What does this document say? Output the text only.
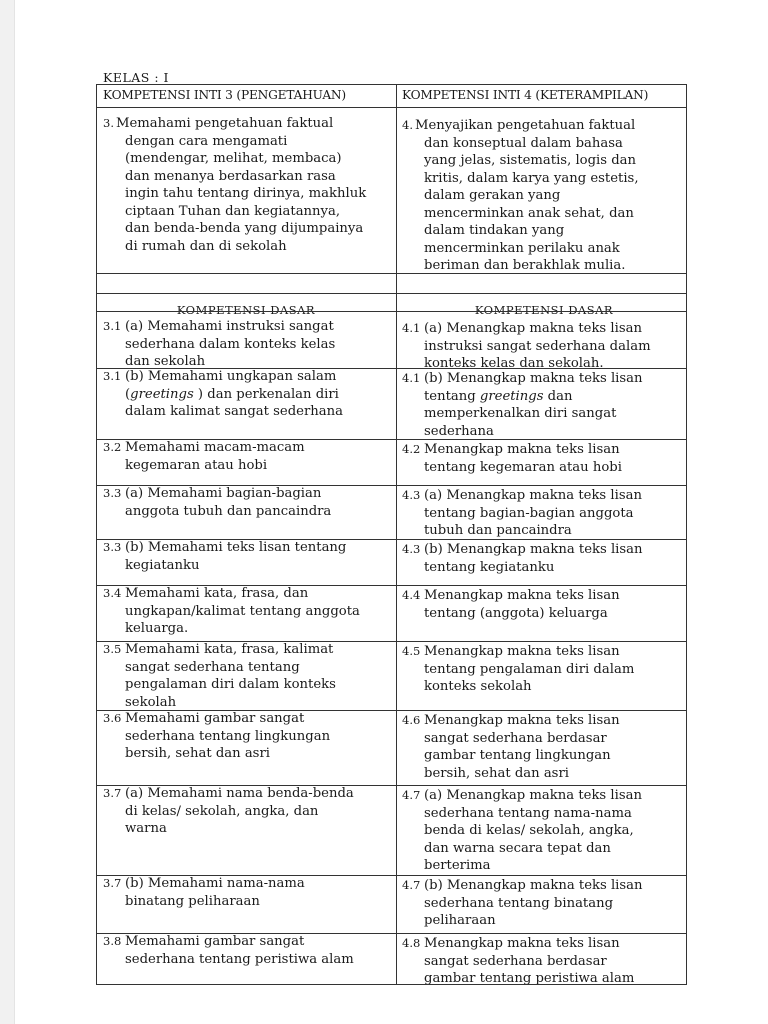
KELAS : I
KOMPETENSI INTI 3 (PENGETAHUAN)	KOMPETENSI INTI 4 (KETERAMPILAN)
KOMPETENSI DASAR	KOMPETENSI DASAR
3. Memahami pengetahuan faktual
dengan cara mengamati
(mendengar, melihat, membaca)
dan menanya berdasarkan rasa
ingin tahu tentang dirinya, makhluk
ciptaan Tuhan dan kegiatannya,
dan benda-benda yang dijumpainya
di rumah dan di sekolah
4. Menyajikan pengetahuan faktual
dan konseptual dalam bahasa
yang jelas, sistematis, logis dan
kritis, dalam karya yang estetis,
dalam gerakan yang
mencerminkan anak sehat, dan
dalam tindakan yang
mencerminkan perilaku anak
beriman dan berakhlak mulia.
3.1 (a) Memahami instruksi sangat
sederhana dalam konteks kelas
dan sekolah
4.1 (a) Menangkap makna teks lisan
instruksi sangat sederhana dalam
konteks kelas dan sekolah.
3.1 (b) Memahami ungkapan salam
(greetings ) dan perkenalan diri
dalam kalimat sangat sederhana
4.1 (b) Menangkap makna teks lisan
tentang greetings dan
memperkenalkan diri sangat
sederhana
3.2 Memahami macam-macam
kegemaran atau hobi
4.2 Menangkap makna teks lisan
tentang kegemaran atau hobi
3.3 (a) Memahami bagian-bagian
anggota tubuh dan pancaindra
4.3 (a) Menangkap makna teks lisan
tentang bagian-bagian anggota
tubuh dan pancaindra
3.3 (b) Memahami teks lisan tentang
kegiatanku
4.3 (b) Menangkap makna teks lisan
tentang kegiatanku
3.4 Memahami kata, frasa, dan
ungkapan/kalimat tentang anggota
keluarga.
4.4 Menangkap makna teks lisan
tentang (anggota) keluarga
3.5 Memahami kata, frasa, kalimat
sangat sederhana tentang
pengalaman diri dalam konteks
sekolah
4.5 Menangkap makna teks lisan
tentang pengalaman diri dalam
konteks sekolah
3.6 Memahami gambar sangat
sederhana tentang lingkungan
bersih, sehat dan asri
4.6 Menangkap makna teks lisan
sangat sederhana berdasar
gambar tentang lingkungan
bersih, sehat dan asri
3.7 (a) Memahami nama benda-benda
di kelas/ sekolah, angka, dan
warna
4.7 (a) Menangkap makna teks lisan
sederhana tentang nama-nama
benda di kelas/ sekolah, angka,
dan warna secara tepat dan
berterima
3.7 (b) Memahami nama-nama
binatang peliharaan
4.7 (b) Menangkap makna teks lisan
sederhana tentang binatang
peliharaan
3.8 Memahami gambar sangat
sederhana tentang peristiwa alam
4.8 Menangkap makna teks lisan
sangat sederhana berdasar
gambar tentang peristiwa alam
